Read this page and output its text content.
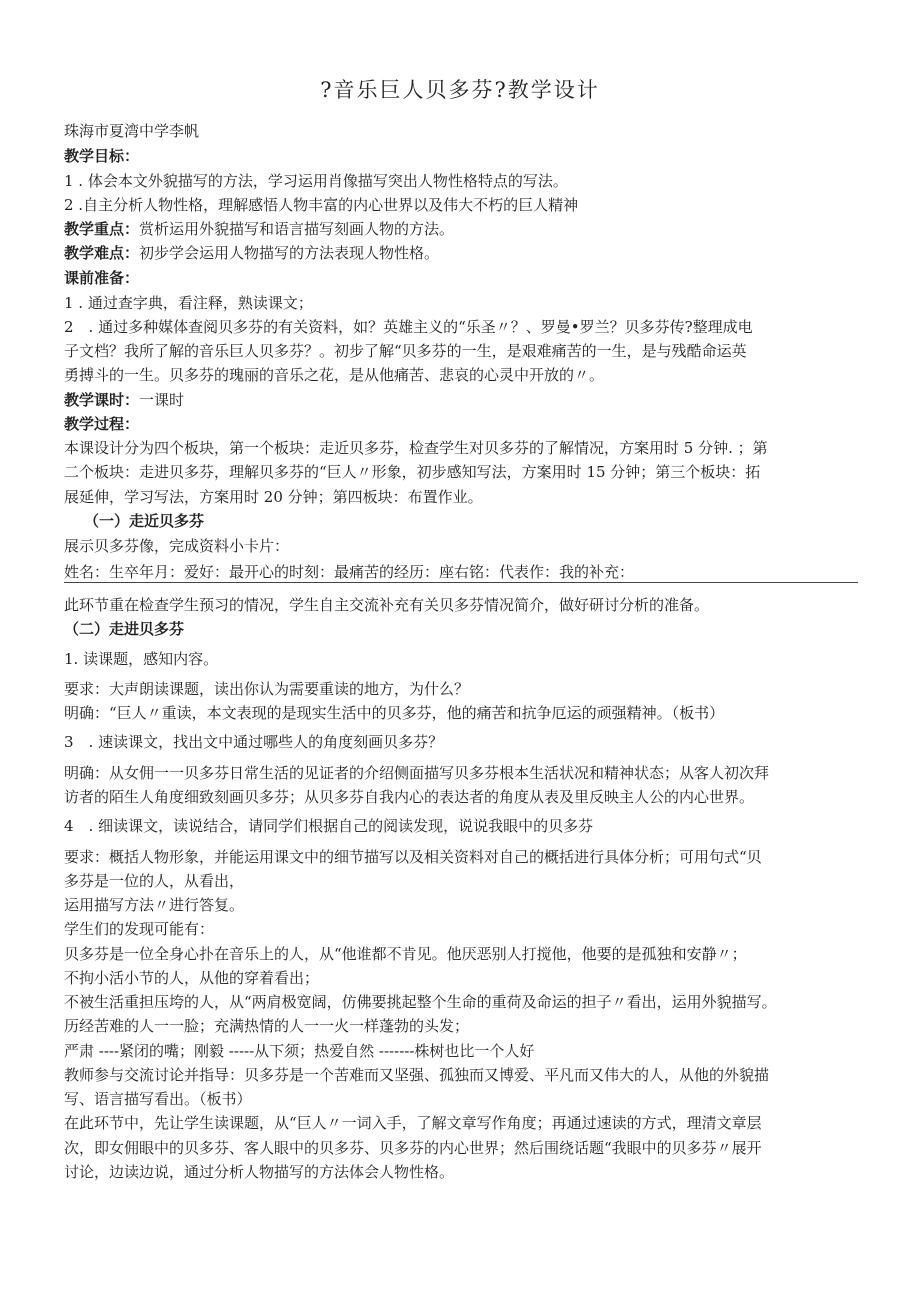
?音乐巨人贝多芬?教学设计
珠海市夏湾中学李帆
教学目标：
1 . 体会本文外貌描写的方法，学习运用肖像描写突出人物性格特点的写法。
2 .自主分析人物性格，理解感悟人物丰富的内心世界以及伟大不朽的巨人精神
教学重点：赏析运用外貌描写和语言描写刻画人物的方法。
教学难点：初步学会运用人物描写的方法表现人物性格。
课前准备：
1 . 通过查字典，看注释，熟读课文；
2　. 通过多种媒体查阅贝多芬的有关资料，如？英雄主义的“乐圣〃？、罗曼•罗兰？贝多芬传?整理成电
子文档？我所了解的音乐巨人贝多芬？。初步了解“贝多芬的一生，是艰难痛苦的一生，是与残酷命运英
勇搏斗的一生。贝多芬的瑰丽的音乐之花，是从他痛苦、悲哀的心灵中开放的〃。
教学课时：一课时
教学过程：
本课设计分为四个板块，第一个板块：走近贝多芬，检查学生对贝多芬的了解情况，方案用时 5 分钟. ；第
二个板块：走进贝多芬，理解贝多芬的“巨人〃形象，初步感知写法，方案用时 15 分钟；第三个板块：拓
展延伸，学习写法，方案用时 20 分钟；第四板块：布置作业。
（一）走近贝多芬
展示贝多芬像，完成资料小卡片：
姓名：生卒年月：爱好：最开心的时刻：最痛苦的经历：座右铭：代表作：我的补充：
此环节重在检查学生预习的情况，学生自主交流补充有关贝多芬情况简介，做好研讨分析的准备。
（二）走进贝多芬
1. 读课题，感知内容。
要求：大声朗读课题，读出你认为需要重读的地方，为什么？
明确：“巨人〃重读，本文表现的是现实生活中的贝多芬，他的痛苦和抗争厄运的顽强精神。（板书）
3　. 速读课文，找出文中通过哪些人的角度刻画贝多芬？
明确：从女佣一一贝多芬日常生活的见证者的介绍侧面描写贝多芬根本生活状况和精神状态；从客人初次拜
访者的陌生人角度细致刻画贝多芬；从贝多芬自我内心的表达者的角度从表及里反映主人公的内心世界。
4　. 细读课文，读说结合，请同学们根据自己的阅读发现，说说我眼中的贝多芬
要求：概括人物形象，并能运用课文中的细节描写以及相关资料对自己的概括进行具体分析；可用句式“贝
多芬是一位的人，从看出，
运用描写方法〃进行答复。
学生们的发现可能有：
贝多芬是一位全身心扑在音乐上的人，从“他谁都不肯见。他厌恶别人打搅他，他要的是孤独和安静〃；
不拘小活小节的人，从他的穿着看出；
不被生活重担压垮的人，从“两肩极宽阔，仿佛要挑起整个生命的重荷及命运的担子〃看出，运用外貌描写。
历经苦难的人一一脸；充满热情的人一一火一样蓬勃的头发；
严肃 ----紧闭的嘴；刚毅 -----从下须；热爱自然 -------株树也比一个人好
教师参与交流讨论并指导：贝多芬是一个苦难而又坚强、孤独而又博爱、平凡而又伟大的人，从他的外貌描
写、语言描写看出。（板书）
在此环节中，先让学生读课题，从“巨人〃一词入手，了解文章写作角度；再通过速读的方式，理清文章层
次，即女佣眼中的贝多芬、客人眼中的贝多芬、贝多芬的内心世界；然后围绕话题“我眼中的贝多芬〃展开
讨论，边读边说，通过分析人物描写的方法体会人物性格。
